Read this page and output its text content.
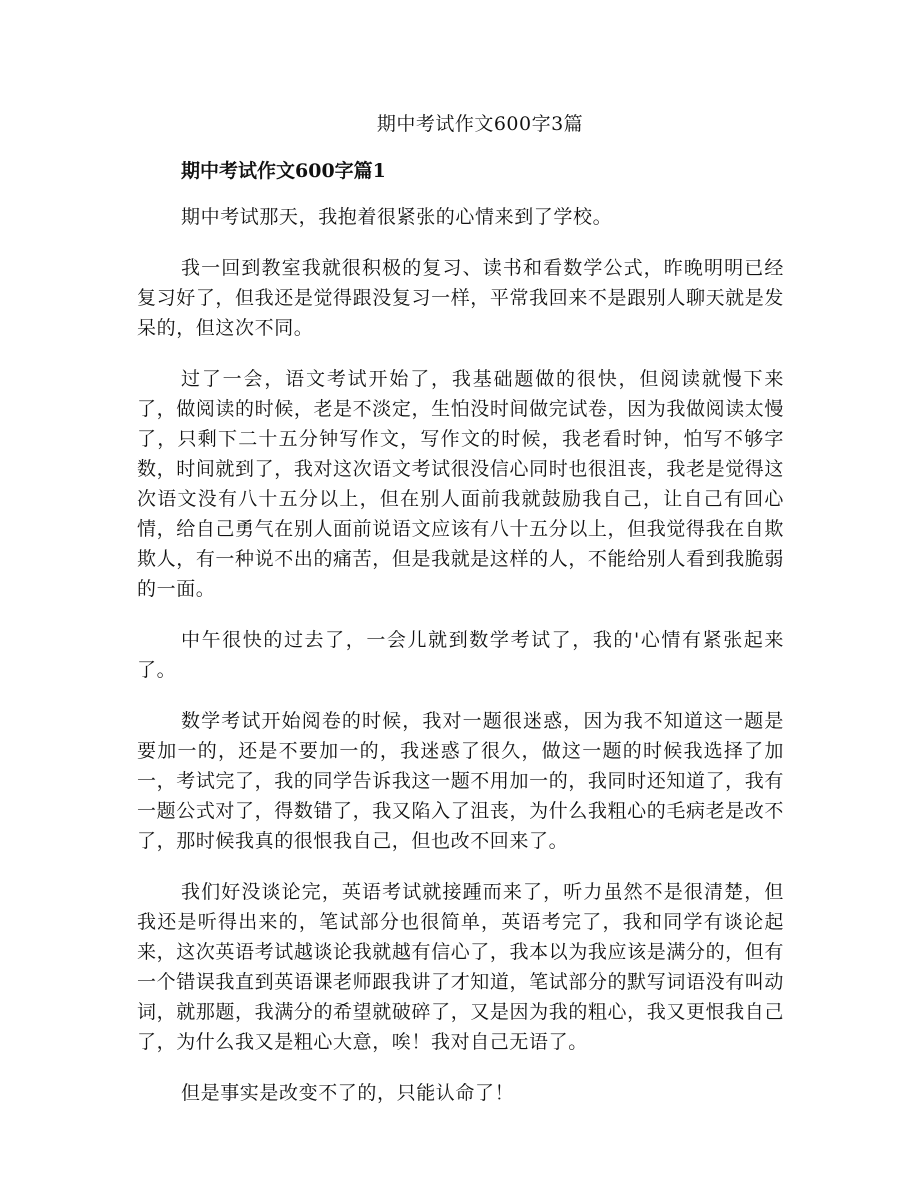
期中考试作文600字3篇
期中考试作文600字篇1

期中考试那天，我抱着很紧张的心情来到了学校。

我一回到教室我就很积极的复习、读书和看数学公式，昨晚明明已经复习好了，但我还是觉得跟没复习一样，平常我回来不是跟别人聊天就是发呆的，但这次不同。

过了一会，语文考试开始了，我基础题做的很快，但阅读就慢下来了，做阅读的时候，老是不淡定，生怕没时间做完试卷，因为我做阅读太慢了，只剩下二十五分钟写作文，写作文的时候，我老看时钟，怕写不够字数，时间就到了，我对这次语文考试很没信心同时也很沮丧，我老是觉得这次语文没有八十五分以上，但在别人面前我就鼓励我自己，让自己有回心情，给自己勇气在别人面前说语文应该有八十五分以上，但我觉得我在自欺欺人，有一种说不出的痛苦，但是我就是这样的人，不能给别人看到我脆弱的一面。

中午很快的过去了，一会儿就到数学考试了，我的'心情有紧张起来了。

数学考试开始阅卷的时候，我对一题很迷惑，因为我不知道这一题是要加一的，还是不要加一的，我迷惑了很久，做这一题的时候我选择了加一，考试完了，我的同学告诉我这一题不用加一的，我同时还知道了，我有一题公式对了，得数错了，我又陷入了沮丧，为什么我粗心的毛病老是改不了，那时候我真的很恨我自己，但也改不回来了。

我们好没谈论完，英语考试就接踵而来了，听力虽然不是很清楚，但我还是听得出来的，笔试部分也很简单，英语考完了，我和同学有谈论起来，这次英语考试越谈论我就越有信心了，我本以为我应该是满分的，但有一个错误我直到英语课老师跟我讲了才知道，笔试部分的默写词语没有叫动词，就那题，我满分的希望就破碎了，又是因为我的粗心，我又更恨我自己了，为什么我又是粗心大意，唉！我对自己无语了。

但是事实是改变不了的，只能认命了！
